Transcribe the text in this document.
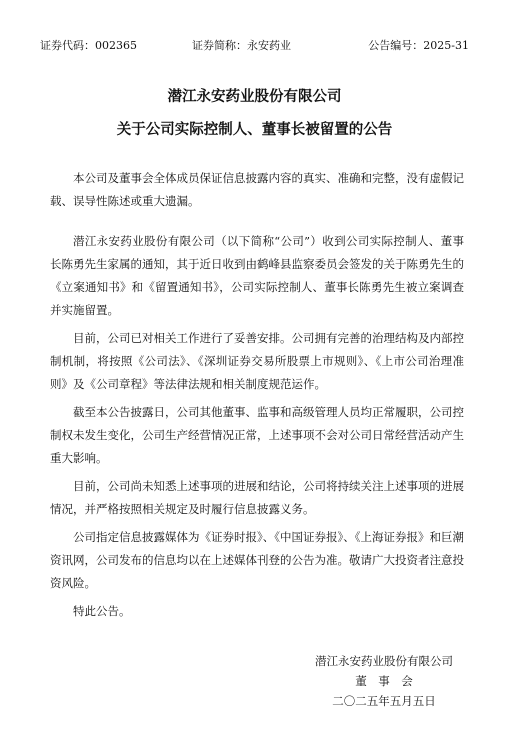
证券代码：002365	证券简称：永安药业	公告编号：2025-31
潜江永安药业股份有限公司
关于公司实际控制人、董事长被留置的公告

本公司及董事会全体成员保证信息披露内容的真实、准确和完整，没有虚假记载、误导性陈述或重大遗漏。

潜江永安药业股份有限公司（以下简称“公司”）收到公司实际控制人、董事长陈勇先生家属的通知，其于近日收到由鹤峰县监察委员会签发的关于陈勇先生的《立案通知书》和《留置通知书》，公司实际控制人、董事长陈勇先生被立案调查并实施留置。

目前，公司已对相关工作进行了妥善安排。公司拥有完善的治理结构及内部控制机制，将按照《公司法》、《深圳证券交易所股票上市规则》、《上市公司治理准则》及《公司章程》等法律法规和相关制度规范运作。

截至本公告披露日，公司其他董事、监事和高级管理人员均正常履职，公司控制权未发生变化，公司生产经营情况正常，上述事项不会对公司日常经营活动产生重大影响。

目前，公司尚未知悉上述事项的进展和结论，公司将持续关注上述事项的进展情况，并严格按照相关规定及时履行信息披露义务。

公司指定信息披露媒体为《证券时报》、《中国证券报》、《上海证券报》和巨潮资讯网，公司发布的信息均以在上述媒体刊登的公告为准。敬请广大投资者注意投资风险。

特此公告。

潜江永安药业股份有限公司
董　事　会
二〇二五年五月五日
